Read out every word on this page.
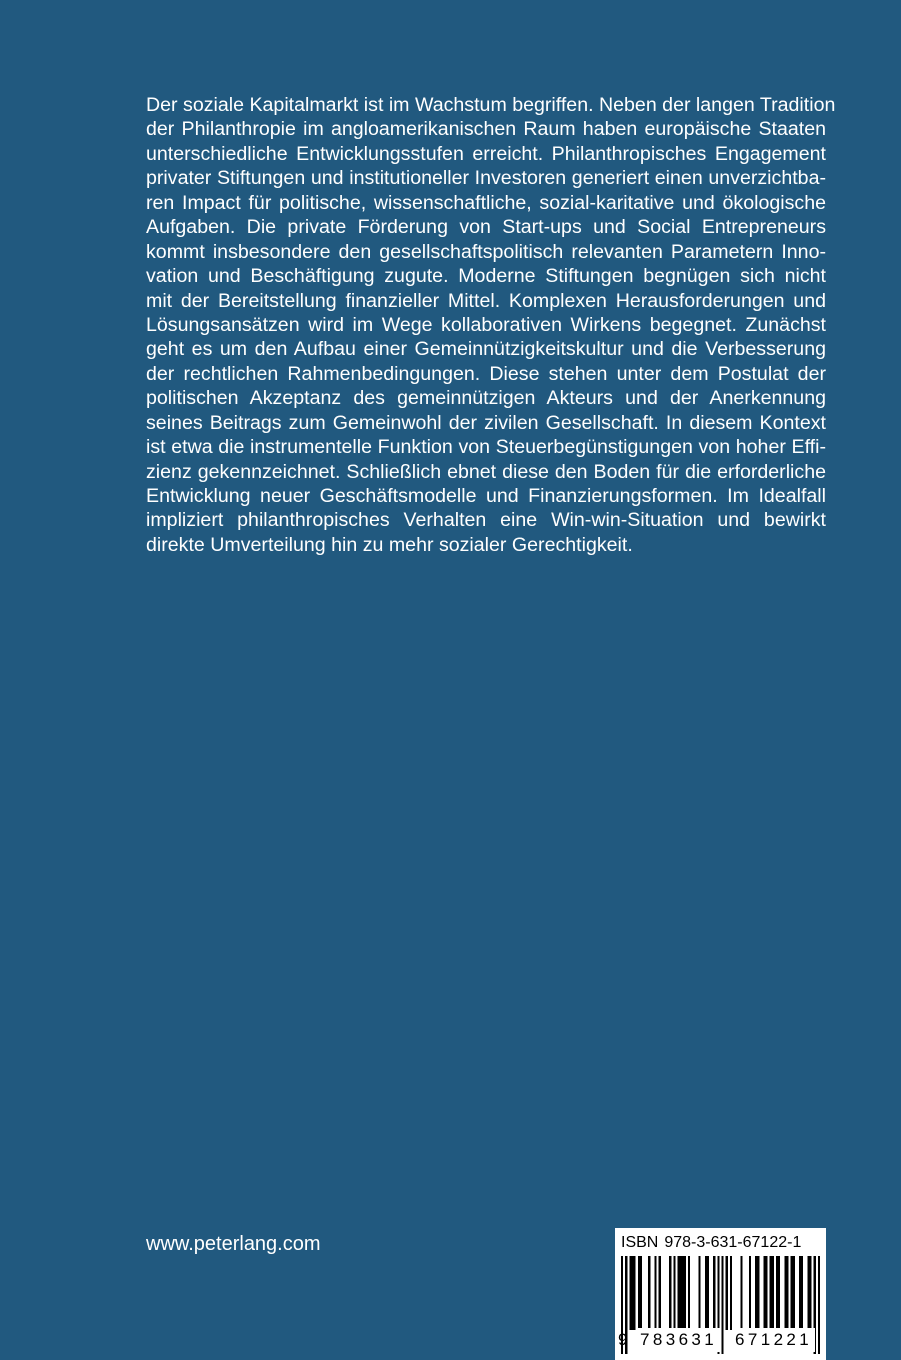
Der soziale Kapitalmarkt ist im Wachstum begriffen. Neben der langen Tradition
der Philanthropie im angloamerikanischen Raum haben europäische Staaten
unterschiedliche Entwicklungsstufen erreicht. Philanthropisches Engagement
privater Stiftungen und institutioneller Investoren generiert einen unverzichtba-
ren Impact für politische, wissenschaftliche, sozial-karitative und ökologische
Aufgaben. Die private Förderung von Start-ups und Social Entrepreneurs
kommt insbesondere den gesellschaftspolitisch relevanten Parametern Inno-
vation und Beschäftigung zugute. Moderne Stiftungen begnügen sich nicht
mit der Bereitstellung finanzieller Mittel. Komplexen Herausforderungen und
Lösungsansätzen wird im Wege kollaborativen Wirkens begegnet. Zunächst
geht es um den Aufbau einer Gemeinnützigkeitskultur und die Verbesserung
der rechtlichen Rahmenbedingungen. Diese stehen unter dem Postulat der
politischen Akzeptanz des gemeinnützigen Akteurs und der Anerkennung
seines Beitrags zum Gemeinwohl der zivilen Gesellschaft. In diesem Kontext
ist etwa die instrumentelle Funktion von Steuerbegünstigungen von hoher Effi-
zienz gekennzeichnet. Schließlich ebnet diese den Boden für die erforderliche
Entwicklung neuer Geschäftsmodelle und Finanzierungsformen. Im Idealfall
impliziert philanthropisches Verhalten eine Win-win-Situation und bewirkt
direkte Umverteilung hin zu mehr sozialer Gerechtigkeit.
www.peterlang.com	ISBN 978-3-631-67122-1
9 783631 671221
